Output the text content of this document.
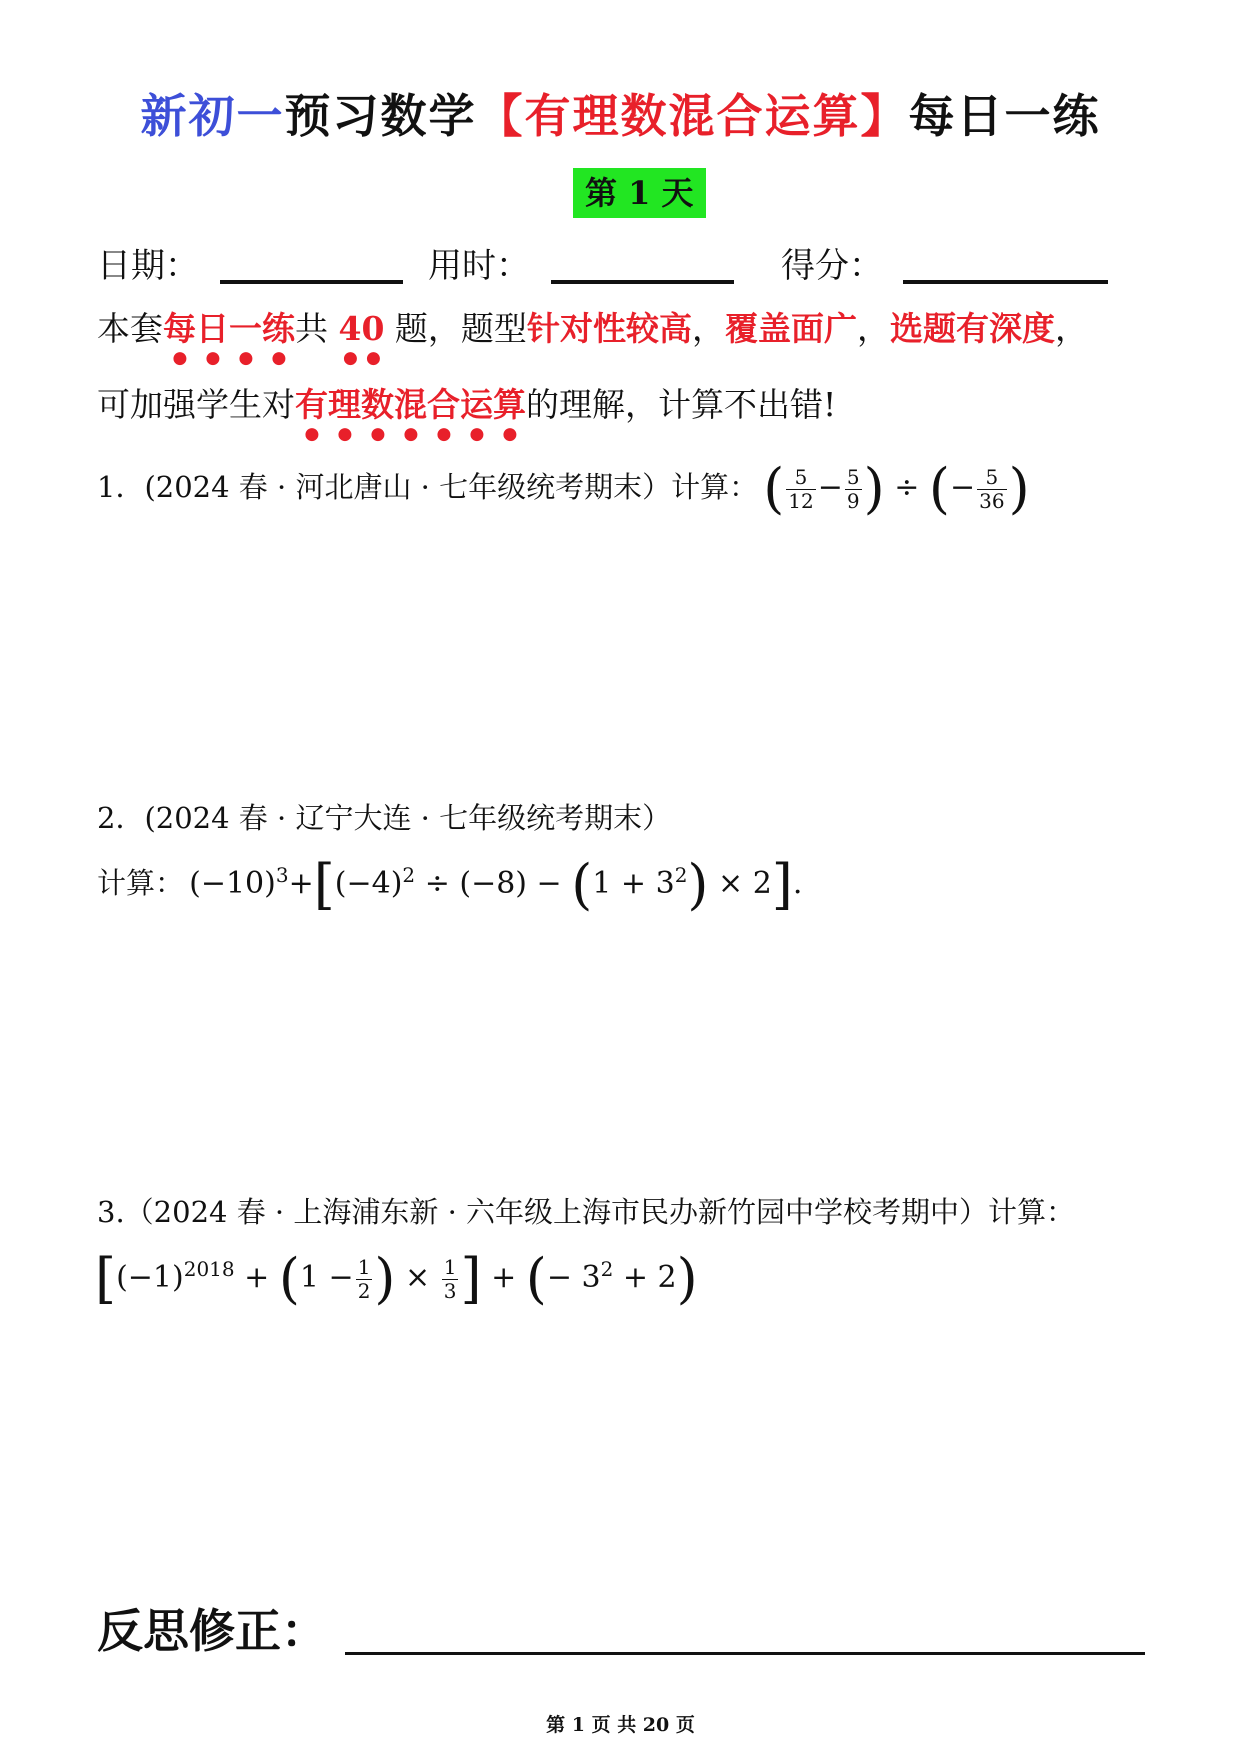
新初一预习数学【有理数混合运算】每日一练
第 1 天
日期：	用时：	得分：
本套每日一练共 40 题，题型针对性较高，覆盖面广，选题有深度，
可加强学生对有理数混合运算的理解，计算不出错!
1．(2024 春 · 河北唐山 · 七年级统考期末）计算： ( $\frac{5}{12} - \frac{5}{9}$ ) ÷ (− $\frac{5}{36}$ )
2．(2024 春 · 辽宁大连 · 七年级统考期末）
计算： $(-10)^3+[(-4)^2 \div (-8) - (1 + 3^2) \times 2]$.
3.（2024 春 · 上海浦东新 · 六年级上海市民办新竹园中学校考期中）计算：
[$(-1)^{2018} + (1 - \frac{1}{2}$ ) × $\frac{1}{3}$ ] + (− $3^2 + 2$)
反思修正：
第 1 页 共 20 页
